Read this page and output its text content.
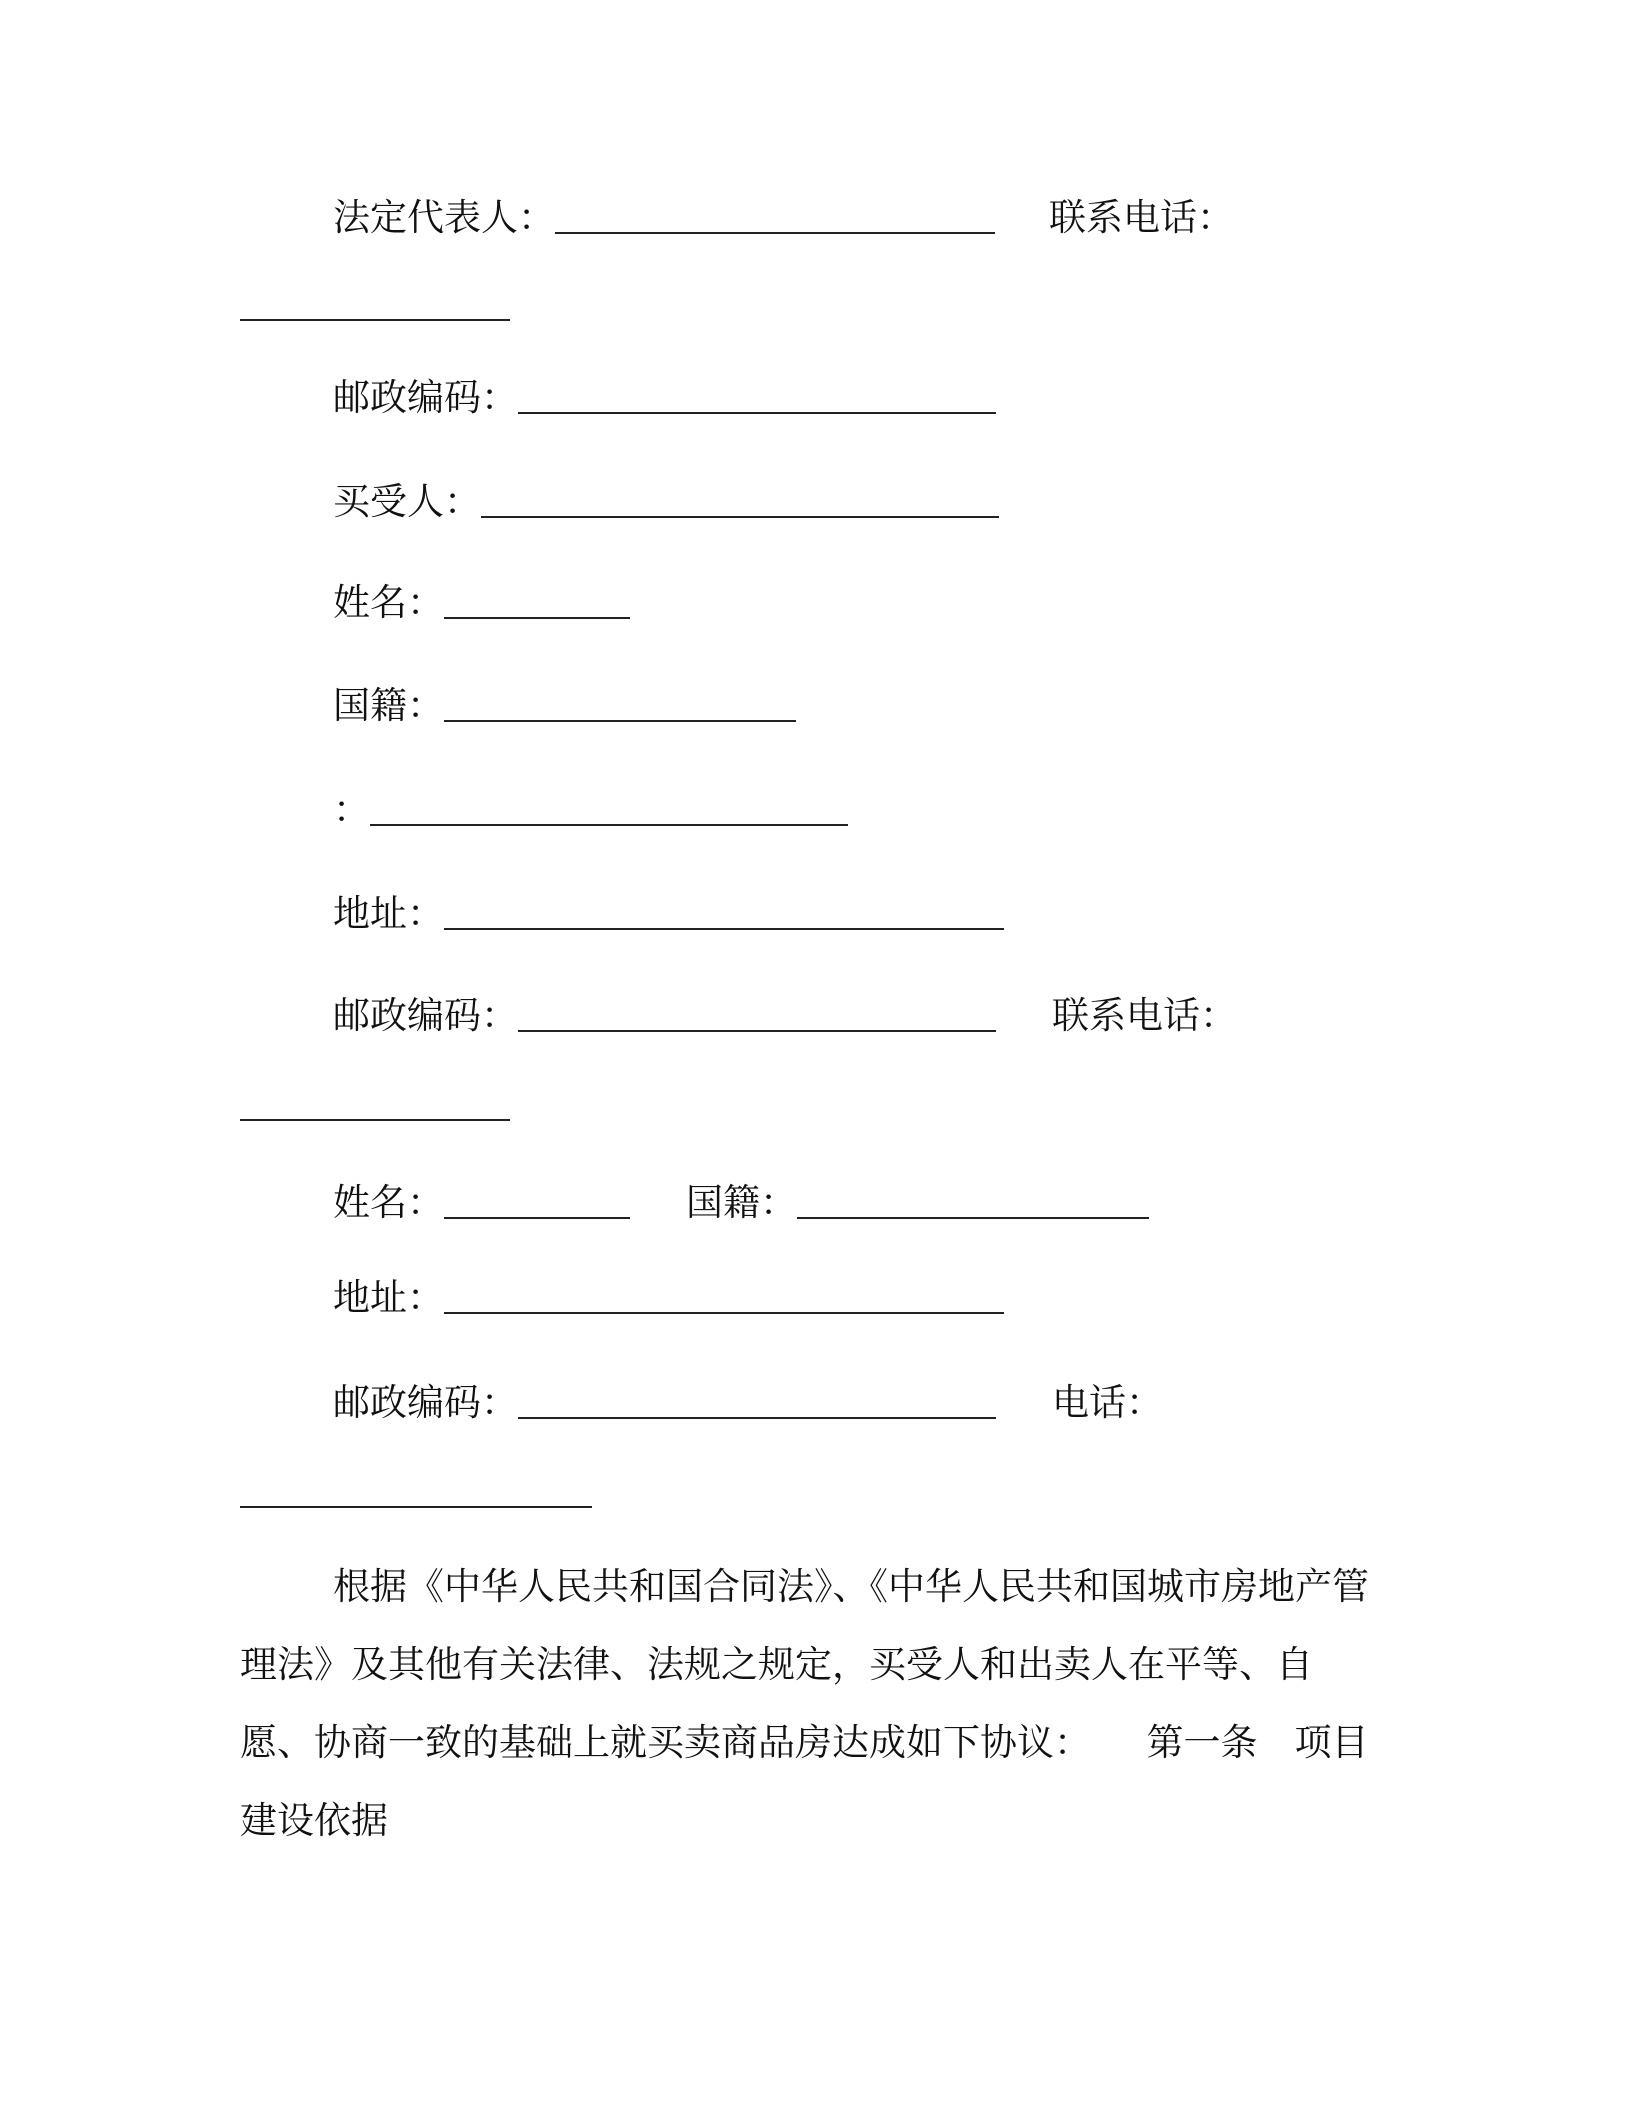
法定代表人：	联系电话：
邮政编码：
买受人：
姓名：
国籍：
：
地址：
邮政编码：	联系电话：
姓名：	国籍：
地址：
邮政编码：	电话：
根据《中华人民共和国合同法》、《中华人民共和国城市房地产管理法》及其他有关法律、法规之规定，买受人和出卖人在平等、自愿、协商一致的基础上就买卖商品房达成如下协议：　　第一条　项目建设依据
